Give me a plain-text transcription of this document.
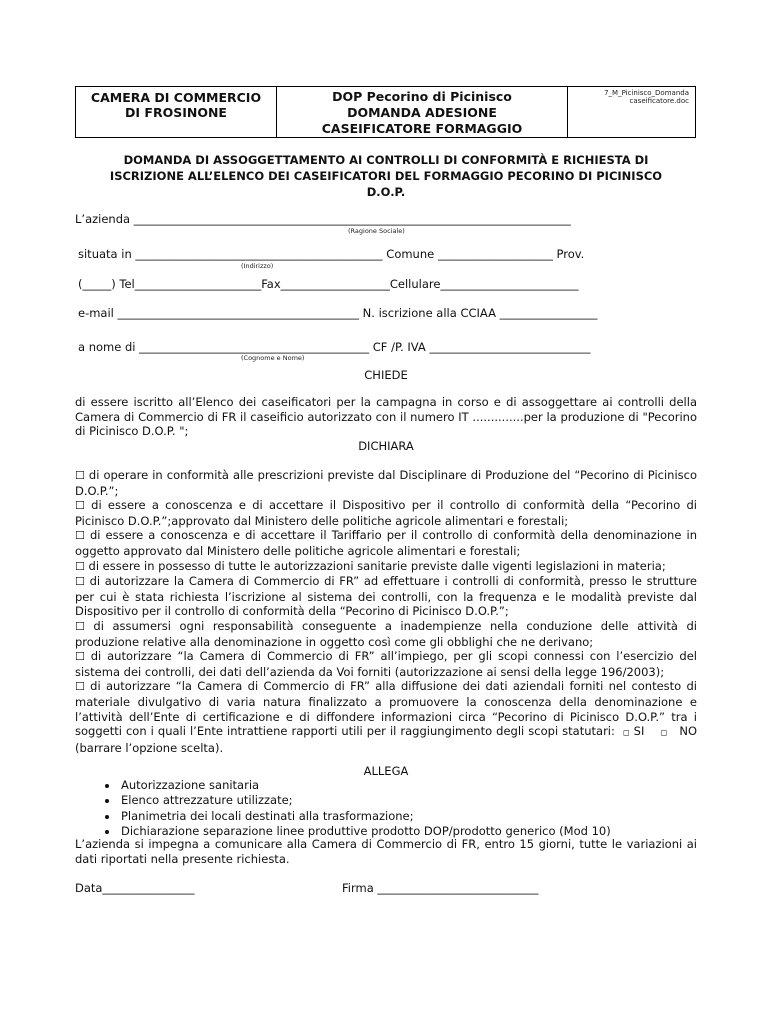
CAMERA DI COMMERCIO
DI FROSINONE

DOP Pecorino di Picinisco
DOMANDA ADESIONE
CASEIFICATORE FORMAGGIO

7_M_Picinisco_Domanda
caseificatore.doc
DOMANDA DI ASSOGGETTAMENTO AI CONTROLLI DI CONFORMITÀ E RICHIESTA DI
ISCRIZIONE ALL’ELENCO DEI CASEIFICATORI DEL FORMAGGIO PECORINO DI PICINISCO
D.O.P.
L’azienda ____________________________________________________________________________
(Ragione Sociale)
situata in ___________________________________________ Comune ____________________ Prov.
(Indirizzo)
(_____) Tel______________________Fax___________________Cellulare________________________
e-mail __________________________________________ N. iscrizione alla CCIAA _________________
a nome di ________________________________________ CF /P. IVA ____________________________
(Cognome e Nome)
CHIEDE

di essere iscritto all’Elenco dei caseificatori per la campagna in corso e di assoggettare ai controlli della Camera di Commercio di FR il caseificio autorizzato con il numero IT ..............per la produzione di "Pecorino di Picinisco D.O.P. ";

DICHIARA

☐ di operare in conformità alle prescrizioni previste dal Disciplinare di Produzione del “Pecorino di Picinisco D.O.P.”;

☐ di essere a conoscenza e di accettare il Dispositivo per il controllo di conformità della “Pecorino di Picinisco D.O.P.”;approvato dal Ministero delle politiche agricole alimentari e forestali;

☐ di essere a conoscenza e di accettare il Tariffario per il controllo di conformità della denominazione in oggetto approvato dal Ministero delle politiche agricole alimentari e forestali;

☐ di essere in possesso di tutte le autorizzazioni sanitarie previste dalle vigenti legislazioni in materia;

☐ di autorizzare la Camera di Commercio di FR” ad effettuare i controlli di conformità, presso le strutture per cui è stata richiesta l’iscrizione al sistema dei controlli, con la frequenza e le modalità previste dal Dispositivo per il controllo di conformità della “Pecorino di Picinisco D.O.P.”;

☐ di assumersi ogni responsabilità conseguente a inadempienze nella conduzione delle attività di produzione relative alla denominazione in oggetto così come gli obblighi che ne derivano;

☐ di autorizzare “la Camera di Commercio di FR” all’impiego, per gli scopi connessi con l’esercizio del sistema dei controlli, dei dati dell’azienda da Voi forniti (autorizzazione ai sensi della legge 196/2003);

☐ di autorizzare “la Camera di Commercio di FR” alla diffusione dei dati aziendali forniti nel contesto di materiale divulgativo di varia natura finalizzato a promuovere la conoscenza della denominazione e l’attività dell’Ente di certificazione e di diffondere informazioni circa “Pecorino di Picinisco D.O.P.” tra i soggetti con i quali l’Ente intrattiene rapporti utili per il raggiungimento degli scopi statutari: ◻ SI ◻ NO (barrare l’opzione scelta).

ALLEGA
• Autorizzazione sanitaria
• Elenco attrezzature utilizzate;
• Planimetria dei locali destinati alla trasformazione;
• Dichiarazione separazione linee produttive prodotto DOP/prodotto generico (Mod 10)

L’azienda si impegna a comunicare alla Camera di Commercio di FR, entro 15 giorni, tutte le variazioni ai dati riportati nella presente richiesta.

Data________________	Firma ____________________________
